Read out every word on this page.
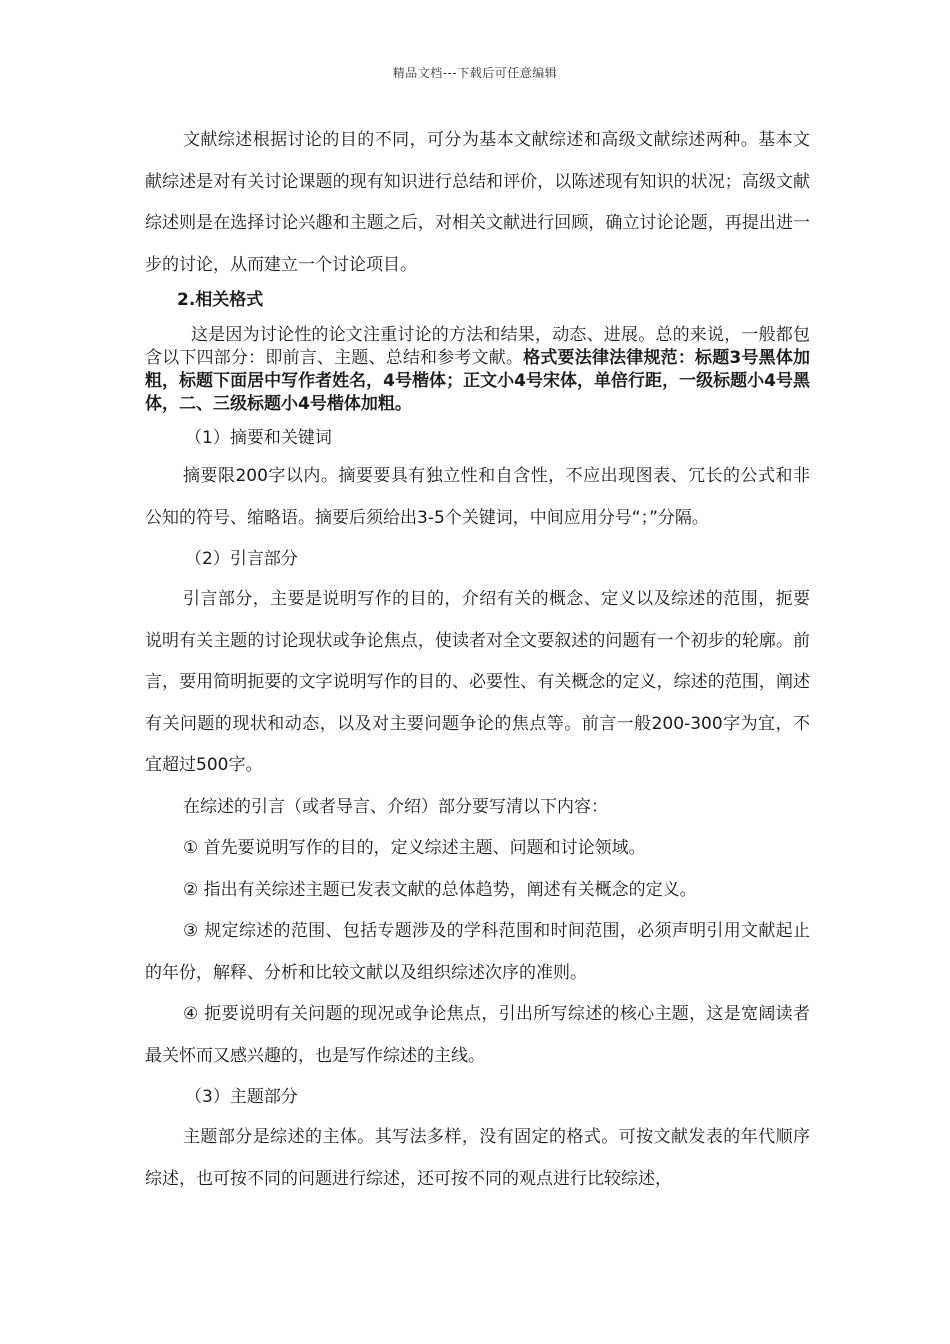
精品文档---下载后可任意编辑

文献综述根据讨论的目的不同，可分为基本文献综述和高级文献综述两种。基本文献综述是对有关讨论课题的现有知识进行总结和评价，以陈述现有知识的状况；高级文献综述则是在选择讨论兴趣和主题之后，对相关文献进行回顾，确立讨论论题，再提出进一步的讨论，从而建立一个讨论项目。

2.相关格式

这是因为讨论性的论文注重讨论的方法和结果，动态、进展。总的来说，一般都包含以下四部分：即前言、主题、总结和参考文献。格式要法律法律规范：标题3号黑体加粗，标题下面居中写作者姓名，4号楷体；正文小4号宋体，单倍行距，一级标题小4号黑体，二、三级标题小4号楷体加粗。

（1）摘要和关键词

摘要限200字以内。摘要要具有独立性和自含性，不应出现图表、冗长的公式和非公知的符号、缩略语。摘要后须给出3-5个关键词，中间应用分号“；”分隔。

（2）引言部分

引言部分，主要是说明写作的目的，介绍有关的概念、定义以及综述的范围，扼要说明有关主题的讨论现状或争论焦点，使读者对全文要叙述的问题有一个初步的轮廓。前言，要用简明扼要的文字说明写作的目的、必要性、有关概念的定义，综述的范围，阐述有关问题的现状和动态，以及对主要问题争论的焦点等。前言一般200-300字为宜，不宜超过500字。

在综述的引言（或者导言、介绍）部分要写清以下内容：

① 首先要说明写作的目的，定义综述主题、问题和讨论领域。

② 指出有关综述主题已发表文献的总体趋势，阐述有关概念的定义。

③ 规定综述的范围、包括专题涉及的学科范围和时间范围，必须声明引用文献起止的年份，解释、分析和比较文献以及组织综述次序的准则。

④ 扼要说明有关问题的现况或争论焦点，引出所写综述的核心主题，这是宽阔读者最关怀而又感兴趣的，也是写作综述的主线。

（3）主题部分

主题部分是综述的主体。其写法多样，没有固定的格式。可按文献发表的年代顺序综述，也可按不同的问题进行综述，还可按不同的观点进行比较综述，
